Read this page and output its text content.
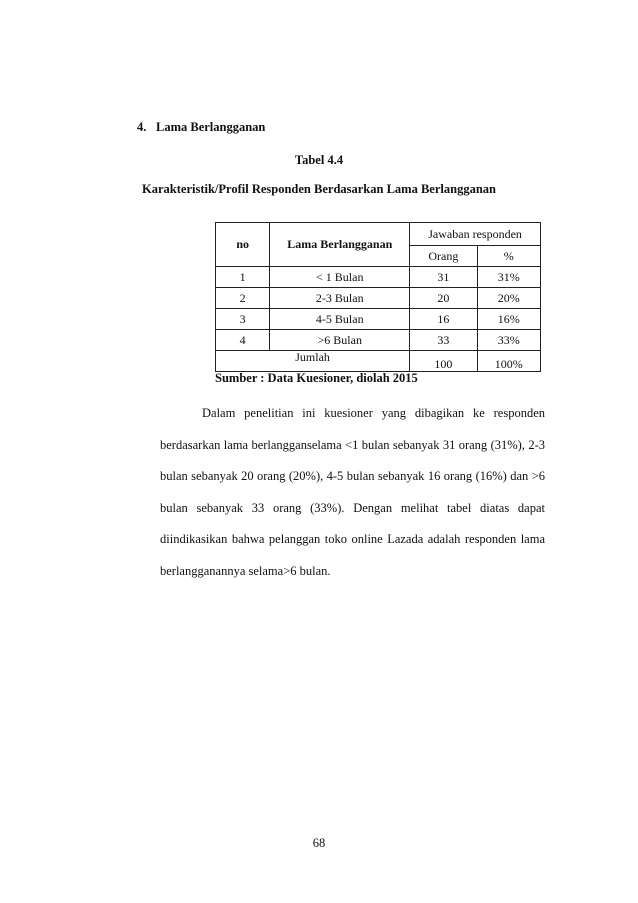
4. Lama Berlangganan
Tabel 4.4
Karakteristik/Profil Responden Berdasarkan Lama Berlangganan
no	Lama Berlangganan	Jawaban responden	
		Orang	%
1	< 1 Bulan	31	31%
2	2-3 Bulan	20	20%
3	4-5 Bulan	16	16%
4	>6 Bulan	33	33%
Jumlah		100	100%
Sumber : Data Kuesioner, diolah 2015
Dalam penelitian ini kuesioner yang dibagikan ke responden berdasarkan lama berlangganselama <1 bulan sebanyak 31 orang (31%), 2-3 bulan sebanyak 20 orang (20%), 4-5 bulan sebanyak 16 orang (16%) dan >6 bulan sebanyak 33 orang (33%). Dengan melihat tabel diatas dapat diindikasikan bahwa pelanggan toko online Lazada adalah responden lama berlangganannya selama>6 bulan.
68
